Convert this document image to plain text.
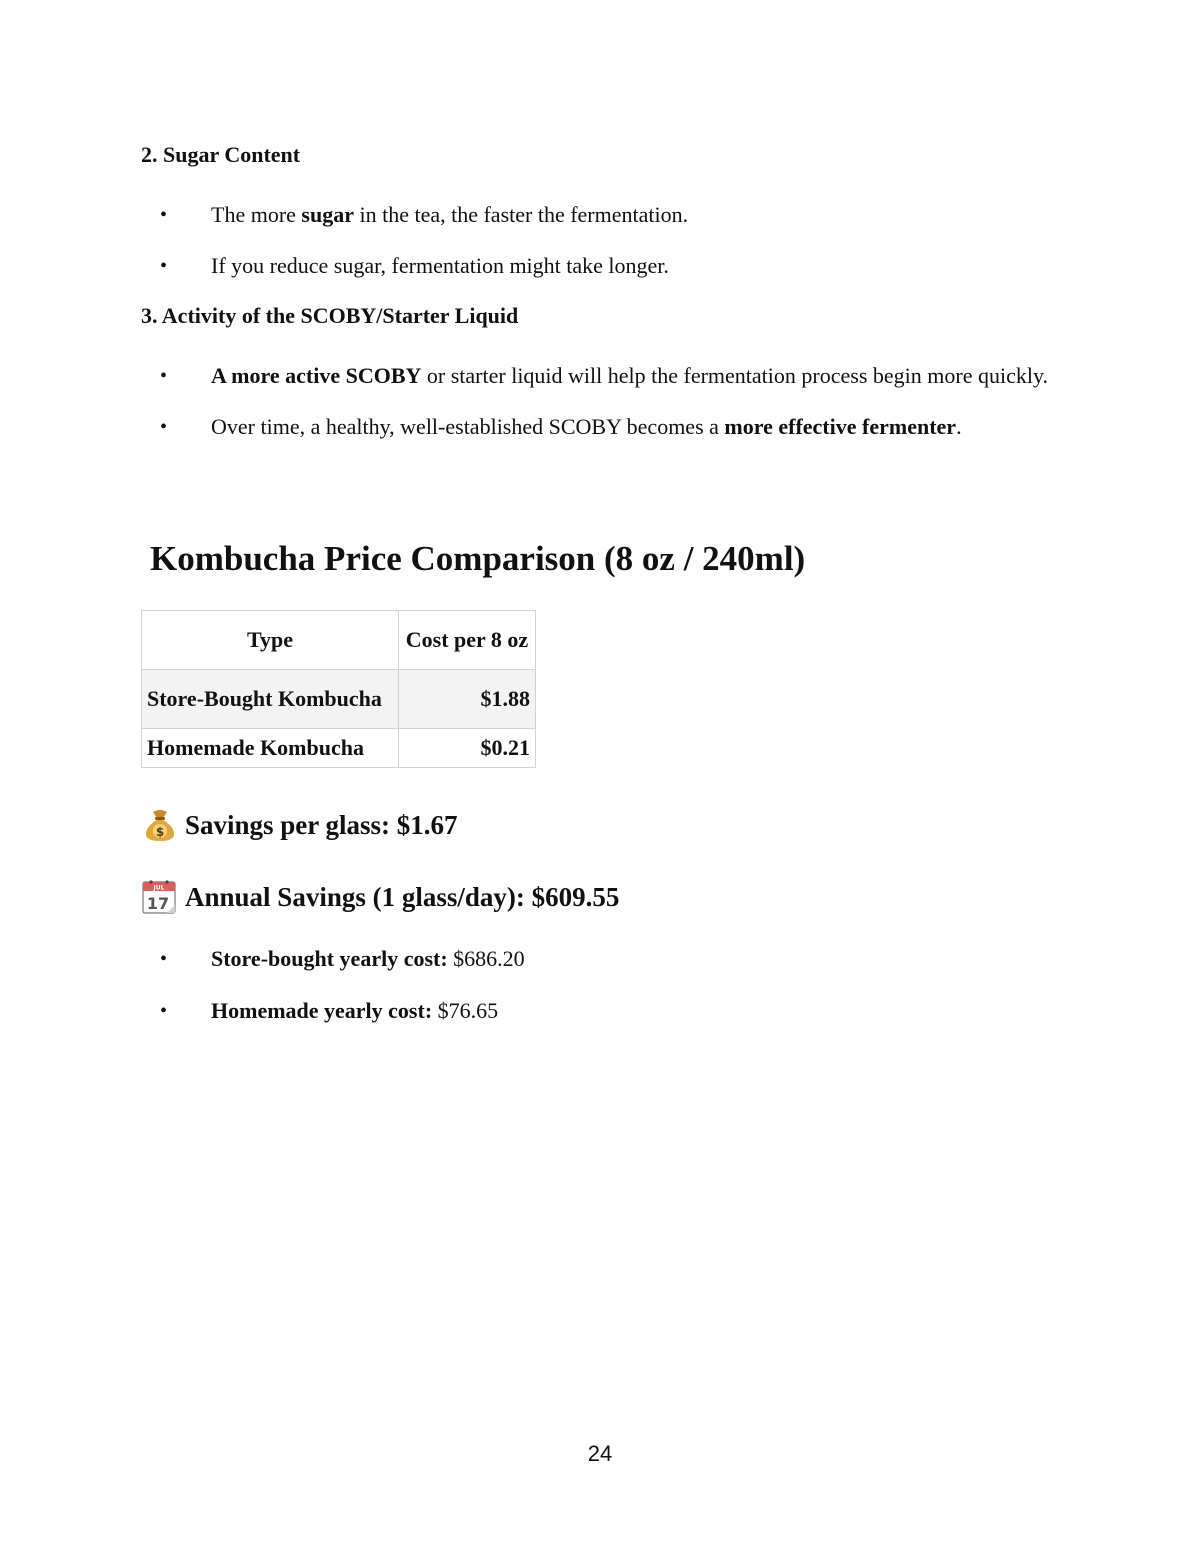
2. Sugar Content
• The more sugar in the tea, the faster the fermentation.
• If you reduce sugar, fermentation might take longer.
3. Activity of the SCOBY/Starter Liquid
• A more active SCOBY or starter liquid will help the fermentation process begin more quickly.
• Over time, a healthy, well-established SCOBY becomes a more effective fermenter.
Kombucha Price Comparison (8 oz / 240ml)
Type	Cost per 8 oz
Store-Bought Kombucha	$1.88
Homemade Kombucha	$0.21
$ Savings per glass: $1.67
JUL
17 Annual Savings (1 glass/day): $609.55
• Store-bought yearly cost: $686.20
• Homemade yearly cost: $76.65
24
